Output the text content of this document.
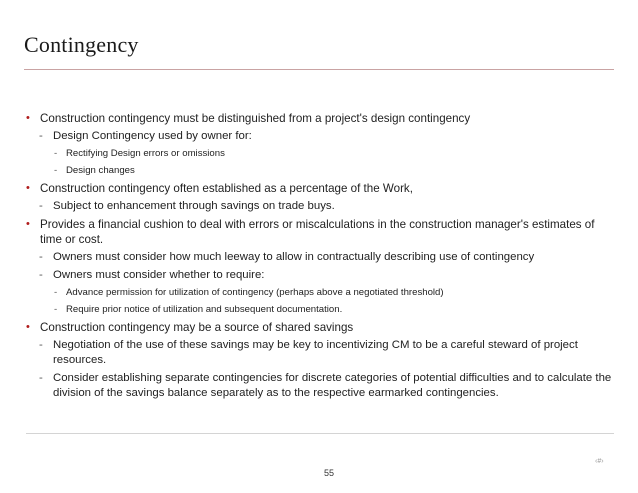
Contingency
• Construction contingency must be distinguished from a project's design contingency
- Design Contingency used by owner for:
- Rectifying Design errors or omissions
- Design changes
• Construction contingency often established as a percentage of the Work,
- Subject to enhancement through savings on trade buys.
• Provides a financial cushion to deal with errors or miscalculations in the construction manager's estimates of time or cost.
- Owners must consider how much leeway to allow in contractually describing use of contingency
- Owners must consider whether to require:
- Advance permission for utilization of contingency (perhaps above a negotiated threshold)
- Require prior notice of utilization and subsequent documentation.
• Construction contingency may be a source of shared savings
- Negotiation of the use of these savings may be key to incentivizing CM to be a careful steward of project resources.
- Consider establishing separate contingencies for discrete categories of potential difficulties and to calculate the division of the savings balance separately as to the respective earmarked contingencies.
55
‹#›
